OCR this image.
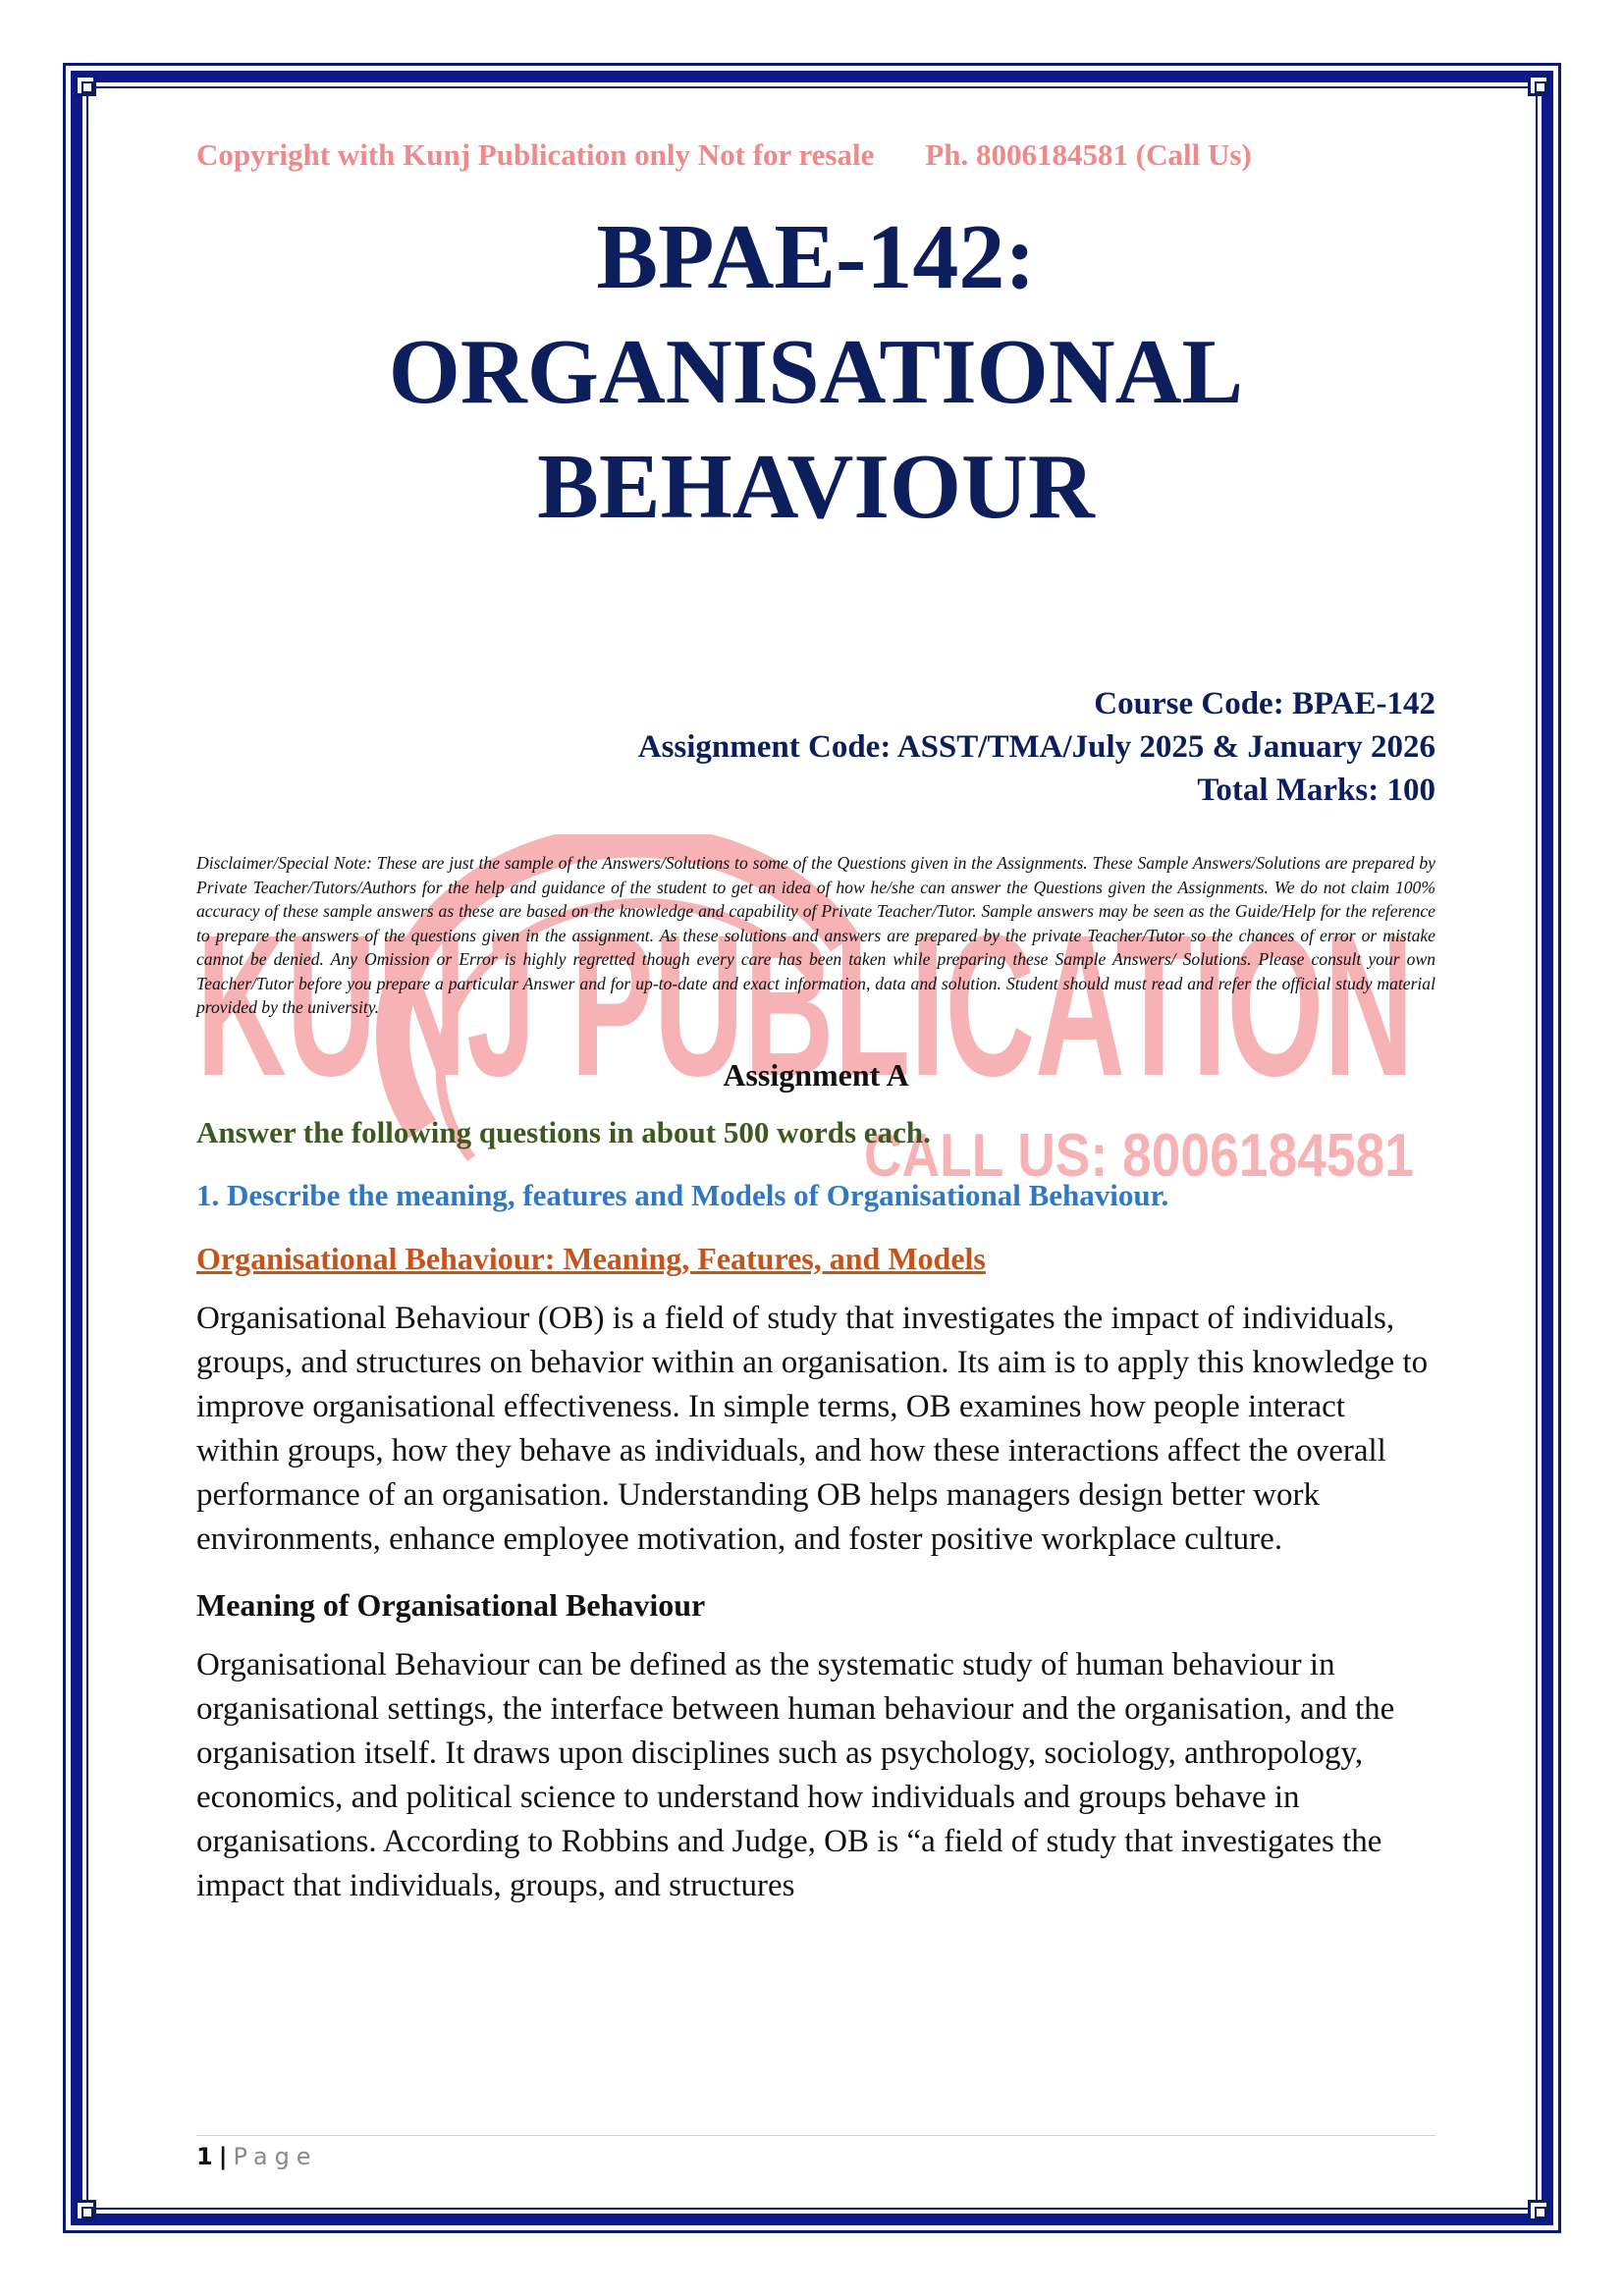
KUNJ PUBLICATION
CALL US: 8006184581
Copyright with Kunj Publication only Not for resale Ph. 8006184581 (Call Us)
BPAE-142:
ORGANISATIONAL
BEHAVIOUR
Course Code: BPAE-142
Assignment Code: ASST/TMA/July 2025 & January 2026
Total Marks: 100
Disclaimer/Special Note: These are just the sample of the Answers/Solutions to some of the Questions given in the Assignments. These Sample Answers/Solutions are prepared by Private Teacher/Tutors/Authors for the help and guidance of the student to get an idea of how he/she can answer the Questions given the Assignments. We do not claim 100% accuracy of these sample answers as these are based on the knowledge and capability of Private Teacher/Tutor. Sample answers may be seen as the Guide/Help for the reference to prepare the answers of the questions given in the assignment. As these solutions and answers are prepared by the private Teacher/Tutor so the chances of error or mistake cannot be denied. Any Omission or Error is highly regretted though every care has been taken while preparing these Sample Answers/ Solutions. Please consult your own Teacher/Tutor before you prepare a particular Answer and for up-to-date and exact information, data and solution. Student should must read and refer the official study material provided by the university.
Assignment A
Answer the following questions in about 500 words each.
1. Describe the meaning, features and Models of Organisational Behaviour.
Organisational Behaviour: Meaning, Features, and Models
Organisational Behaviour (OB) is a field of study that investigates the impact of individuals, groups, and structures on behavior within an organisation. Its aim is to apply this knowledge to improve organisational effectiveness. In simple terms, OB examines how people interact within groups, how they behave as individuals, and how these interactions affect the overall performance of an organisation. Understanding OB helps managers design better work environments, enhance employee motivation, and foster positive workplace culture.
Meaning of Organisational Behaviour
Organisational Behaviour can be defined as the systematic study of human behaviour in organisational settings, the interface between human behaviour and the organisation, and the organisation itself. It draws upon disciplines such as psychology, sociology, anthropology, economics, and political science to understand how individuals and groups behave in organisations. According to Robbins and Judge, OB is “a field of study that investigates the impact that individuals, groups, and structures
1 | Page
